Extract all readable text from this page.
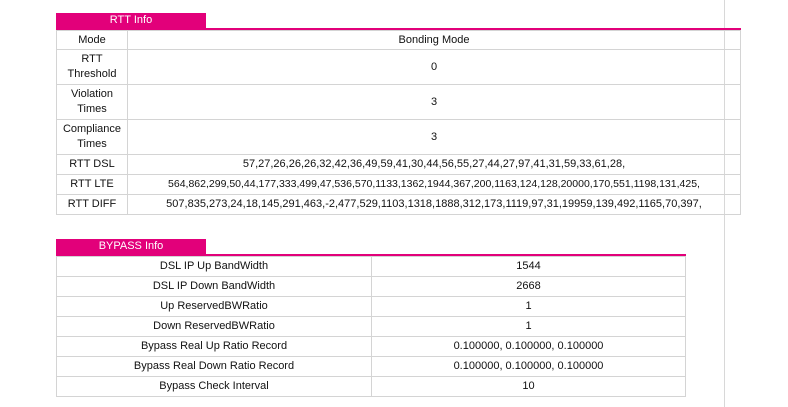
RTT Info
Mode	Bonding Mode
RTT Threshold	0
Violation Times	3
Compliance Times	3
RTT DSL	57,27,26,26,26,32,42,36,49,59,41,30,44,56,55,27,44,27,97,41,31,59,33,61,28,
RTT LTE	564,862,299,50,44,177,333,499,47,536,570,1133,1362,1944,367,200,1163,124,128,20000,170,551,1198,131,425,
RTT DIFF	507,835,273,24,18,145,291,463,-2,477,529,1103,1318,1888,312,173,1119,97,31,19959,139,492,1165,70,397,
BYPASS Info
DSL IP Up BandWidth	1544
DSL IP Down BandWidth	2668
Up ReservedBWRatio	1
Down ReservedBWRatio	1
Bypass Real Up Ratio Record	0.100000, 0.100000, 0.100000
Bypass Real Down Ratio Record	0.100000, 0.100000, 0.100000
Bypass Check Interval	10
